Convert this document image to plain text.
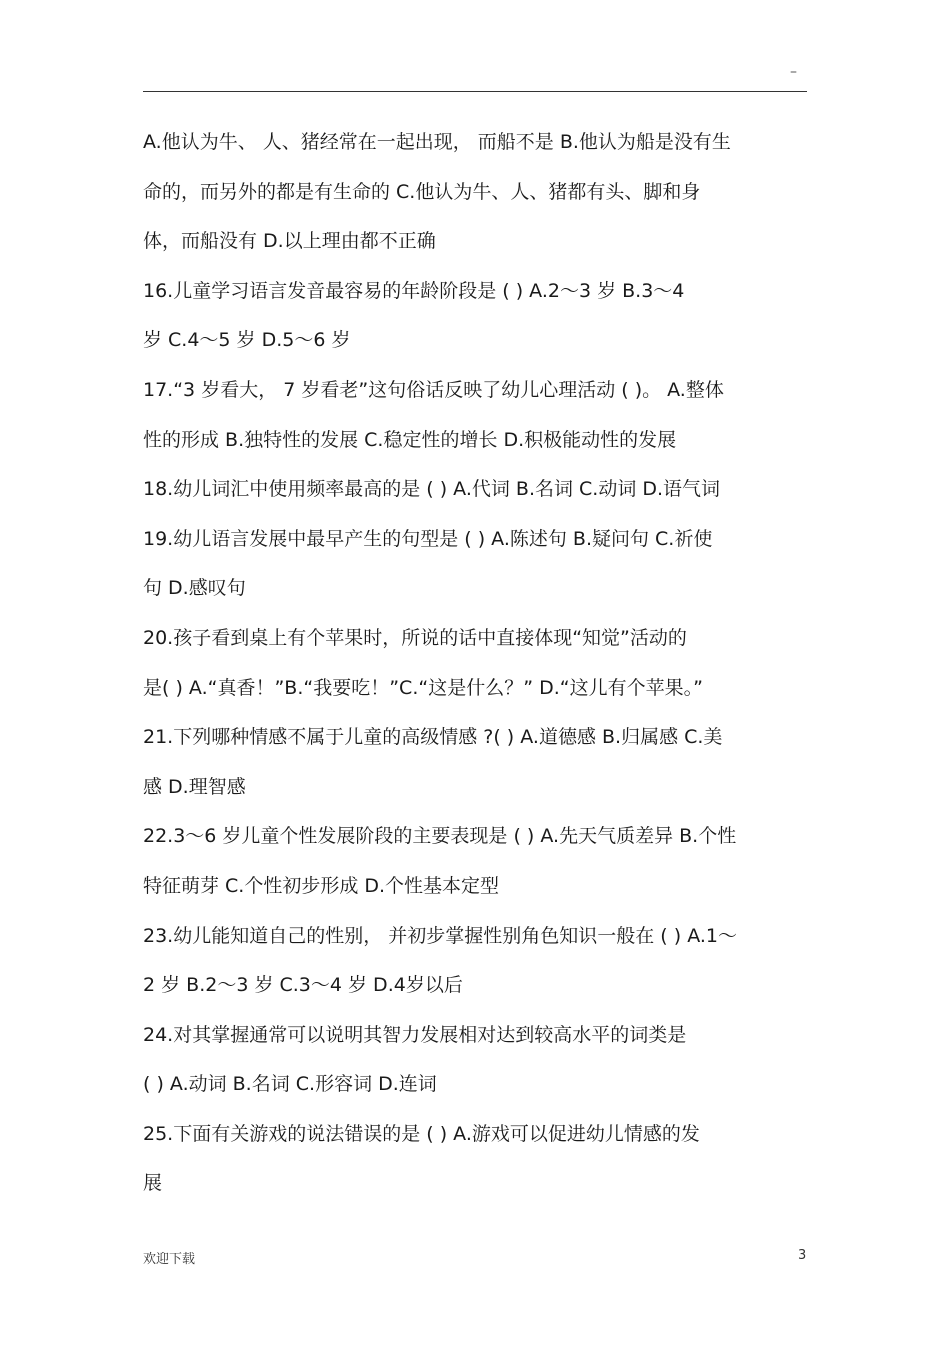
–
A.他认为牛、 人、猪经常在一起出现， 而船不是 B.他认为船是没有生
命的，而另外的都是有生命的 C.他认为牛、人、猪都有头、脚和身
体，而船没有 D.以上理由都不正确
16.儿童学习语言发音最容易的年龄阶段是 ( ) A.2～3 岁 B.3～4
岁 C.4～5 岁 D.5～6 岁
17.“3 岁看大， 7 岁看老”这句俗话反映了幼儿心理活动 ( )。 A.整体
性的形成 B.独特性的发展 C.稳定性的增长 D.积极能动性的发展
18.幼儿词汇中使用频率最高的是 ( ) A.代词 B.名词 C.动词 D.语气词
19.幼儿语言发展中最早产生的句型是 ( ) A.陈述句 B.疑问句 C.祈使
句 D.感叹句
20.孩子看到桌上有个苹果时，所说的话中直接体现“知觉”活动的
是( ) A.“真香！”B.“我要吃！”C.“这是什么？” D.“这儿有个苹果。”
21.下列哪种情感不属于儿童的高级情感 ?( ) A.道德感 B.归属感 C.美
感 D.理智感
22.3～6 岁儿童个性发展阶段的主要表现是 ( ) A.先天气质差异 B.个性
特征萌芽 C.个性初步形成 D.个性基本定型
23.幼儿能知道自己的性别， 并初步掌握性别角色知识一般在 ( ) A.1～
2 岁 B.2～3 岁 C.3～4 岁 D.4岁以后
24.对其掌握通常可以说明其智力发展相对达到较高水平的词类是
( ) A.动词 B.名词 C.形容词 D.连词
25.下面有关游戏的说法错误的是 ( ) A.游戏可以促进幼儿情感的发
展
欢迎下载	3
